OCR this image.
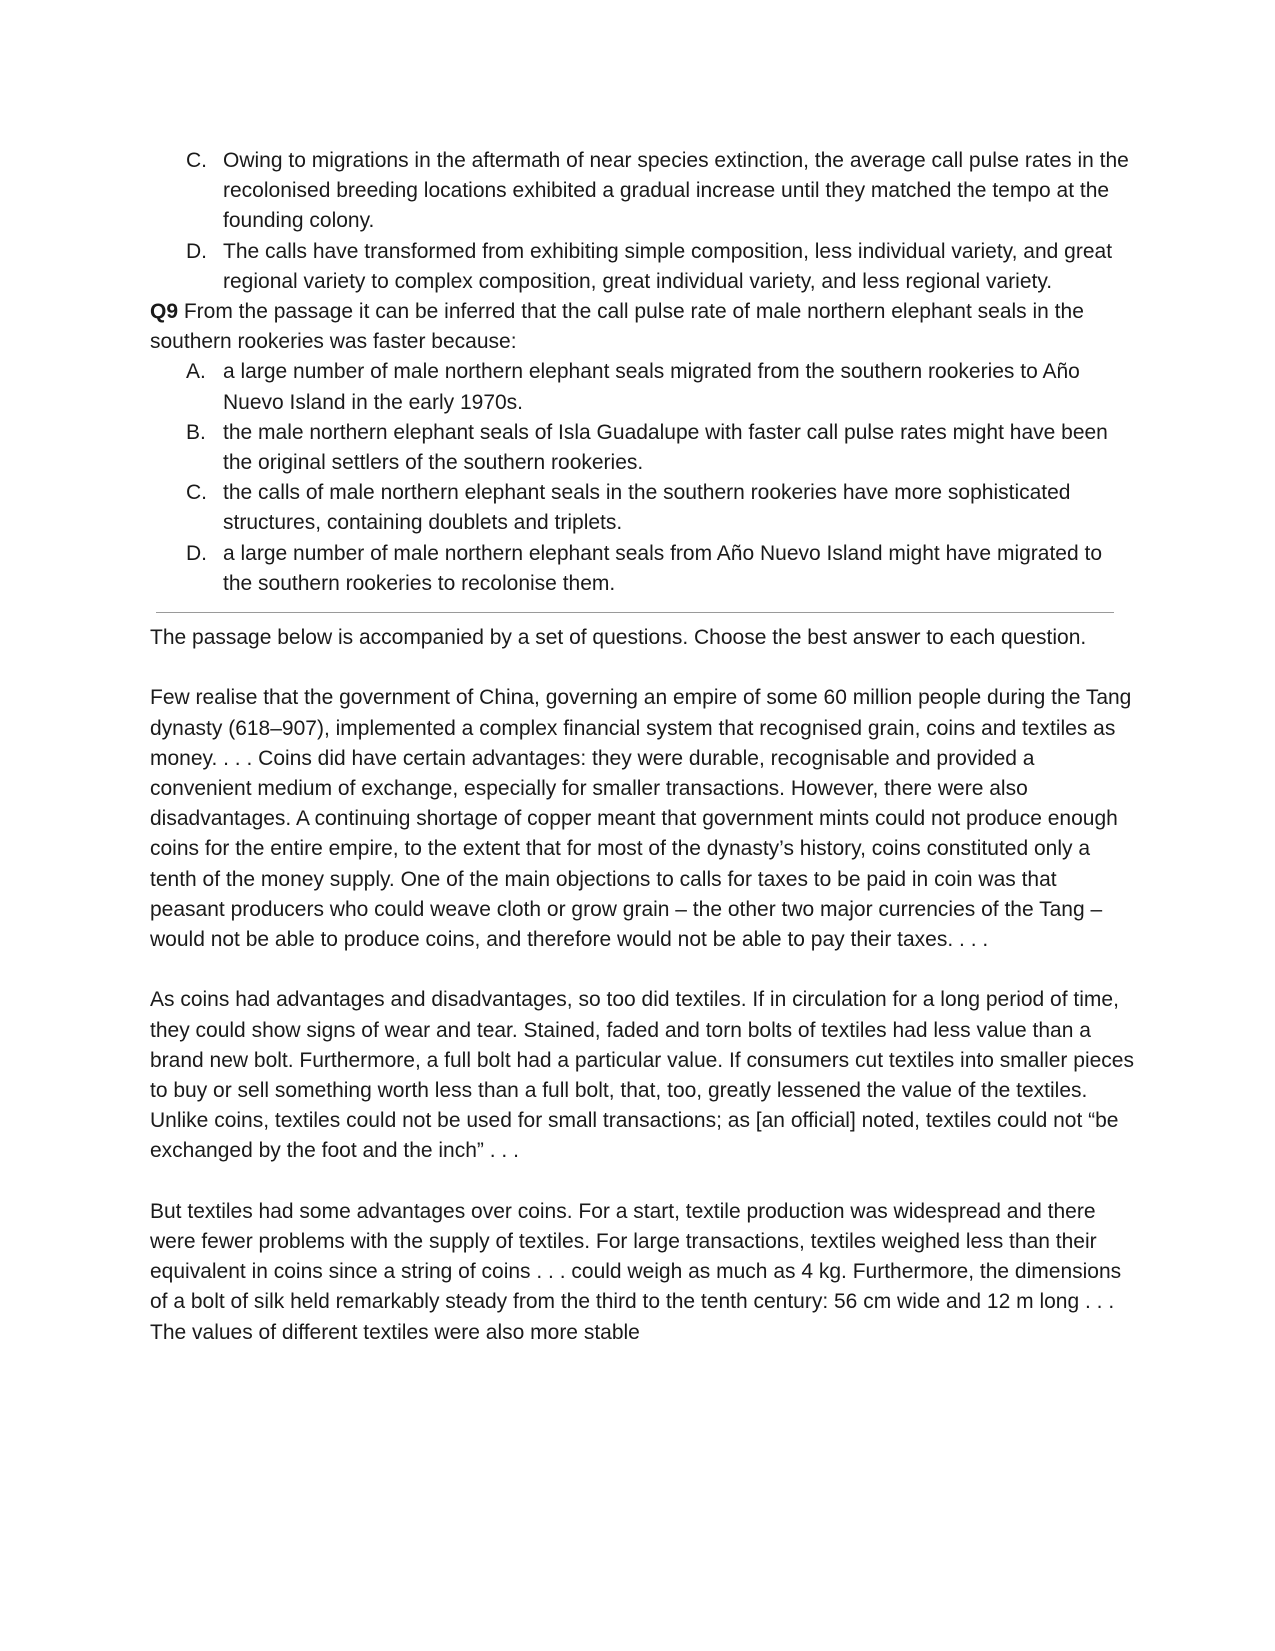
C. Owing to migrations in the aftermath of near species extinction, the average call pulse rates in the recolonised breeding locations exhibited a gradual increase until they matched the tempo at the founding colony.
D. The calls have transformed from exhibiting simple composition, less individual variety, and great regional variety to complex composition, great individual variety, and less regional variety.

Q9 From the passage it can be inferred that the call pulse rate of male northern elephant seals in the southern rookeries was faster because:

A. a large number of male northern elephant seals migrated from the southern rookeries to Año Nuevo Island in the early 1970s.
B. the male northern elephant seals of Isla Guadalupe with faster call pulse rates might have been the original settlers of the southern rookeries.
C. the calls of male northern elephant seals in the southern rookeries have more sophisticated structures, containing doublets and triplets.
D. a large number of male northern elephant seals from Año Nuevo Island might have migrated to the southern rookeries to recolonise them.

The passage below is accompanied by a set of questions. Choose the best answer to each question.

Few realise that the government of China, governing an empire of some 60 million people during the Tang dynasty (618–907), implemented a complex financial system that recognised grain, coins and textiles as money. . . . Coins did have certain advantages: they were durable, recognisable and provided a convenient medium of exchange, especially for smaller transactions. However, there were also disadvantages. A continuing shortage of copper meant that government mints could not produce enough coins for the entire empire, to the extent that for most of the dynasty’s history, coins constituted only a tenth of the money supply. One of the main objections to calls for taxes to be paid in coin was that peasant producers who could weave cloth or grow grain – the other two major currencies of the Tang – would not be able to produce coins, and therefore would not be able to pay their taxes. . . .

As coins had advantages and disadvantages, so too did textiles. If in circulation for a long period of time, they could show signs of wear and tear. Stained, faded and torn bolts of textiles had less value than a brand new bolt. Furthermore, a full bolt had a particular value. If consumers cut textiles into smaller pieces to buy or sell something worth less than a full bolt, that, too, greatly lessened the value of the textiles. Unlike coins, textiles could not be used for small transactions; as [an official] noted, textiles could not “be exchanged by the foot and the inch” . . .

But textiles had some advantages over coins. For a start, textile production was widespread and there were fewer problems with the supply of textiles. For large transactions, textiles weighed less than their equivalent in coins since a string of coins . . . could weigh as much as 4 kg. Furthermore, the dimensions of a bolt of silk held remarkably steady from the third to the tenth century: 56 cm wide and 12 m long . . . The values of different textiles were also more stable
